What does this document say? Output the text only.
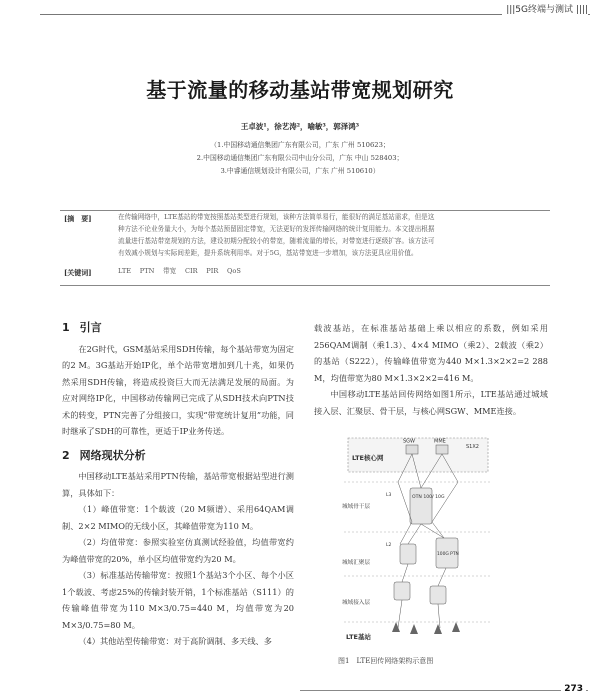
|||5G终端与测试 ||||
基于流量的移动基站带宽规划研究
王卓波¹，徐艺涛²，喻敏³，郭泽鸿³
（1.中国移动通信集团广东有限公司，广东 广州 510623；
2.中国移动通信集团广东有限公司中山分公司，广东 中山 528403；
3.中睿通信规划设计有限公司，广东 广州 510610）
[摘　要]	在传输网络中，LTE基站的带宽按照基站类型进行规划，该种方法简单易行，能很好的满足基站需求，但是这
种方法不论业务量大小，为每个基站预留固定带宽，无法更好的发挥传输网络的统计复用能力。本文提出根据
流量进行基站带宽规划的方法，建设初期分配较小的带宽，随着流量的增长，对带宽进行逐级扩容。该方法可
有效减小规划与实际间差距，提升系统利用率。对于5G，基站带宽进一步增加，该方法更具应用价值。
[关键词]	LTE　 PTN　 带宽　 CIR　 PIR　 QoS
1 引言

在2G时代，GSM基站采用SDH传输，每个基站带宽为固定的2 M。3G基站开始IP化，单个站带宽增加到几十兆，如果仍然采用SDH传输，将造成投资巨大而无法满足发展的局面。为应对网络IP化，中国移动传输网已完成了从SDH技术向PTN技术的转变，PTN完善了分组接口，实现“带宽统计复用”功能，同时继承了SDH的可靠性，更适于IP业务传送。

2 网络现状分析

中国移动LTE基站采用PTN传输，基站带宽根据站型进行测算，具体如下：

（1）峰值带宽：1个载波（20 M频谱）、采用64QAM调制、2×2 MIMO的无线小区，其峰值带宽为110 M。

（2）均值带宽：参照实验室仿真测试经验值，均值带宽约为峰值带宽的20%，单小区均值带宽约为20 M。

（3）标准基站传输带宽：按照1个基站3个小区、每个小区1个载波、考虑25%的传输封装开销，1个标准基站（S111）的传输峰值带宽为110 M×3/0.75=440 M，均值带宽为20 M×3/0.75=80 M。

（4）其他站型传输带宽：对于高阶调制、多天线、多

载波基站，在标准基站基础上乘以相应的系数，例如采用256QAM调制（乘1.3）、4×4 MIMO（乘2）、2载波（乘2）的基站（S222），传输峰值带宽为440 M×1.3×2×2=2 288 M，均值带宽为80 M×1.3×2×2=416 M。

中国移动LTE基站回传网络如图1所示，LTE基站通过城域接入层、汇聚层、骨干层，与核心网SGW、MME连接。

LTE核心网
SGW	MME
S1X2
城域骨干层
L3	OTN 100/ 10G
城域汇聚层
L2
100G PTN
城域接入层
LTE基站
图1　LTE回传网络架构示意图
273
